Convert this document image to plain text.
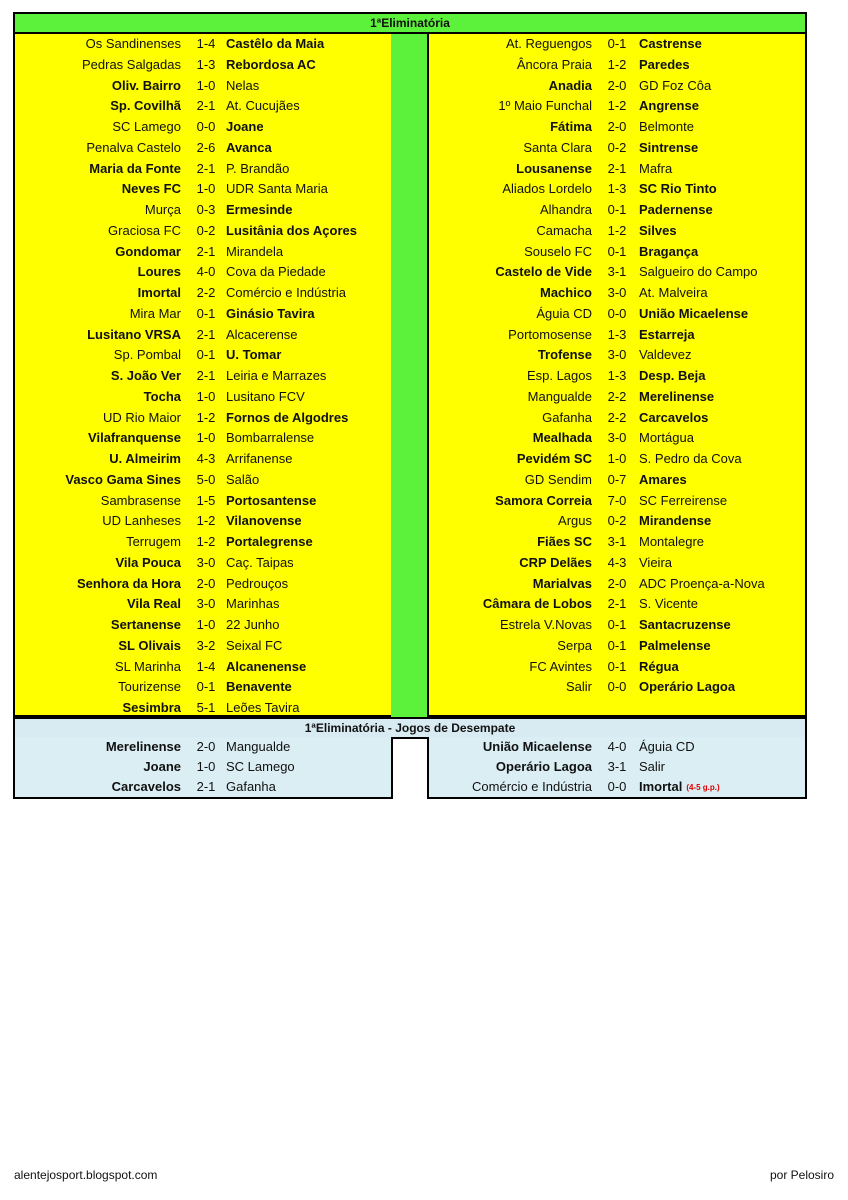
1ªEliminatória
Os Sandinenses	1-4 Castêlo da Maia
Pedras Salgadas	1-3 Rebordosa AC
Oliv. Bairro	1-0 Nelas
Sp. Covilhã	2-1 At. Cucujães
SC Lamego	0-0 Joane
Penalva Castelo	2-6 Avanca
Maria da Fonte	2-1 P. Brandão
Neves FC	1-0 UDR Santa Maria
Murça	0-3 Ermesinde
Graciosa FC	0-2 Lusitânia dos Açores
Gondomar	2-1 Mirandela
Loures	4-0 Cova da Piedade
Imortal	2-2 Comércio e Indústria
Mira Mar	0-1 Ginásio Tavira
Lusitano VRSA	2-1 Alcacerense
Sp. Pombal	0-1 U. Tomar
S. João Ver	2-1 Leiria e Marrazes
Tocha	1-0 Lusitano FCV
UD Rio Maior	1-2 Fornos de Algodres
Vilafranquense	1-0 Bombarralense
U. Almeirim	4-3 Arrifanense
Vasco Gama Sines	5-0 Salão
Sambrasense	1-5 Portosantense
UD Lanheses	1-2 Vilanovense
Terrugem	1-2 Portalegrense
Vila Pouca	3-0 Caç. Taipas
Senhora da Hora	2-0 Pedrouços
Vila Real	3-0 Marinhas
Sertanense	1-0 22 Junho
SL Olivais	3-2 Seixal FC
SL Marinha	1-4 Alcanenense
Tourizense	0-1 Benavente
Sesimbra	5-1 Leões Tavira
At. Reguengos	0-1 Castrense
Âncora Praia	1-2 Paredes
Anadia	2-0 GD Foz Côa
1º Maio Funchal	1-2 Angrense
Fátima	2-0 Belmonte
Santa Clara	0-2 Sintrense
Lousanense	2-1 Mafra
Aliados Lordelo	1-3 SC Rio Tinto
Alhandra	0-1 Padernense
Camacha	1-2 Silves
Souselo FC	0-1 Bragança
Castelo de Vide	3-1 Salgueiro do Campo
Machico	3-0 At. Malveira
Águia CD	0-0 União Micaelense
Portomosense	1-3 Estarreja
Trofense	3-0 Valdevez
Esp. Lagos	1-3 Desp. Beja
Mangualde	2-2 Merelinense
Gafanha	2-2 Carcavelos
Mealhada	3-0 Mortágua
Pevidém SC	1-0 S. Pedro da Cova
GD Sendim	0-7 Amares
Samora Correia	7-0 SC Ferreirense
Argus	0-2 Mirandense
Fiães SC	3-1 Montalegre
CRP Delães	4-3 Vieira
Marialvas	2-0 ADC Proença-a-Nova
Câmara de Lobos	2-1 S. Vicente
Estrela V.Novas	0-1 Santacruzense
Serpa	0-1 Palmelense
FC Avintes	0-1 Régua
Salir	0-0 Operário Lagoa
1ªEliminatória - Jogos de Desempate
Merelinense	2-0 Mangualde
Joane	1-0 SC Lamego
Carcavelos	2-1 Gafanha
União Micaelense	4-0 Águia CD
Operário Lagoa	3-1 Salir
Comércio e Indústria	0-0 Imortal (4-5 g.p.)
alentejosport.blogspot.com	por Pelosiro
